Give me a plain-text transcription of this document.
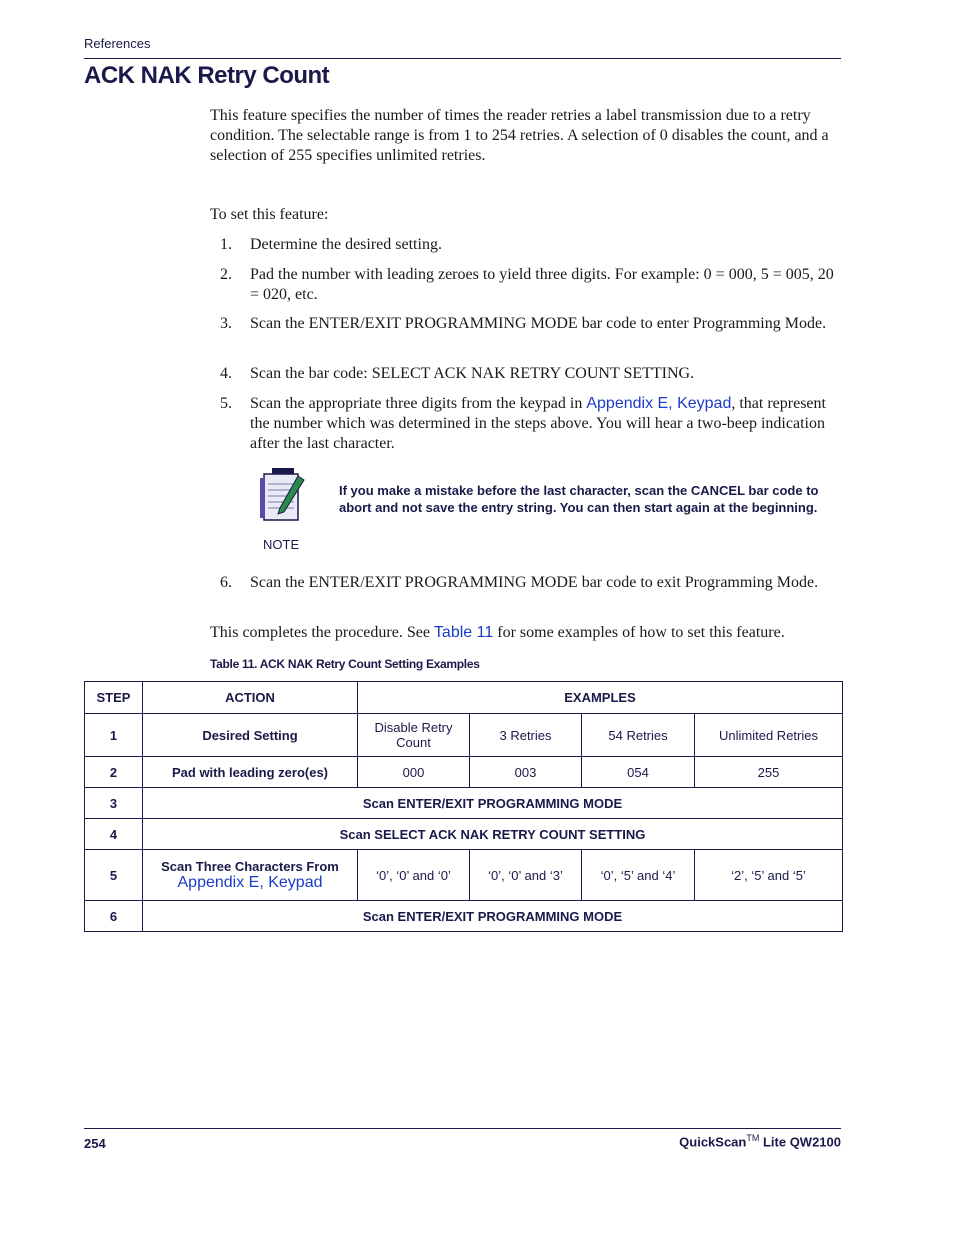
References
ACK NAK Retry Count

This feature specifies the number of times the reader retries a label transmission due to a retry condition. The selectable range is from 1 to 254 retries. A selection of 0 disables the count, and a selection of 255 specifies unlimited retries.

To set this feature:

1.	Determine the desired setting.
2.	Pad the number with leading zeroes to yield three digits. For example: 0 = 000, 5 = 005, 20 = 020, etc.
3.	Scan the ENTER/EXIT PROGRAMMING MODE bar code to enter Programming Mode.
4.	Scan the bar code: SELECT ACK NAK RETRY COUNT SETTING.
5.	Scan the appropriate three digits from the keypad in Appendix E, Keypad, that represent the number which was determined in the steps above. You will hear a two-beep indication after the last character.
NOTE
If you make a mistake before the last character, scan the CANCEL bar code to abort and not save the entry string. You can then start again at the beginning.
6.	Scan the ENTER/EXIT PROGRAMMING MODE bar code to exit Programming Mode.

This completes the procedure. See Table 11 for some examples of how to set this feature.

Table 11. ACK NAK Retry Count Setting Examples
STEP	ACTION	EXAMPLES			
1	Desired Setting	Disable Retry Count	3 Retries	54 Retries	Unlimited Retries
2	Pad with leading zero(es)	000	003	054	255
3	Scan ENTER/EXIT PROGRAMMING MODE				
4	Scan SELECT ACK NAK RETRY COUNT SETTING				
5	Scan Three Characters From
Appendix E, Keypad	‘0’, ‘0’ and ‘0’	‘0’, ‘0’ and ‘3’	‘0’, ‘5’ and ‘4’	‘2’, ‘5’ and ‘5’
6	Scan ENTER/EXIT PROGRAMMING MODE				
254	QuickScan™ Lite QW2100
